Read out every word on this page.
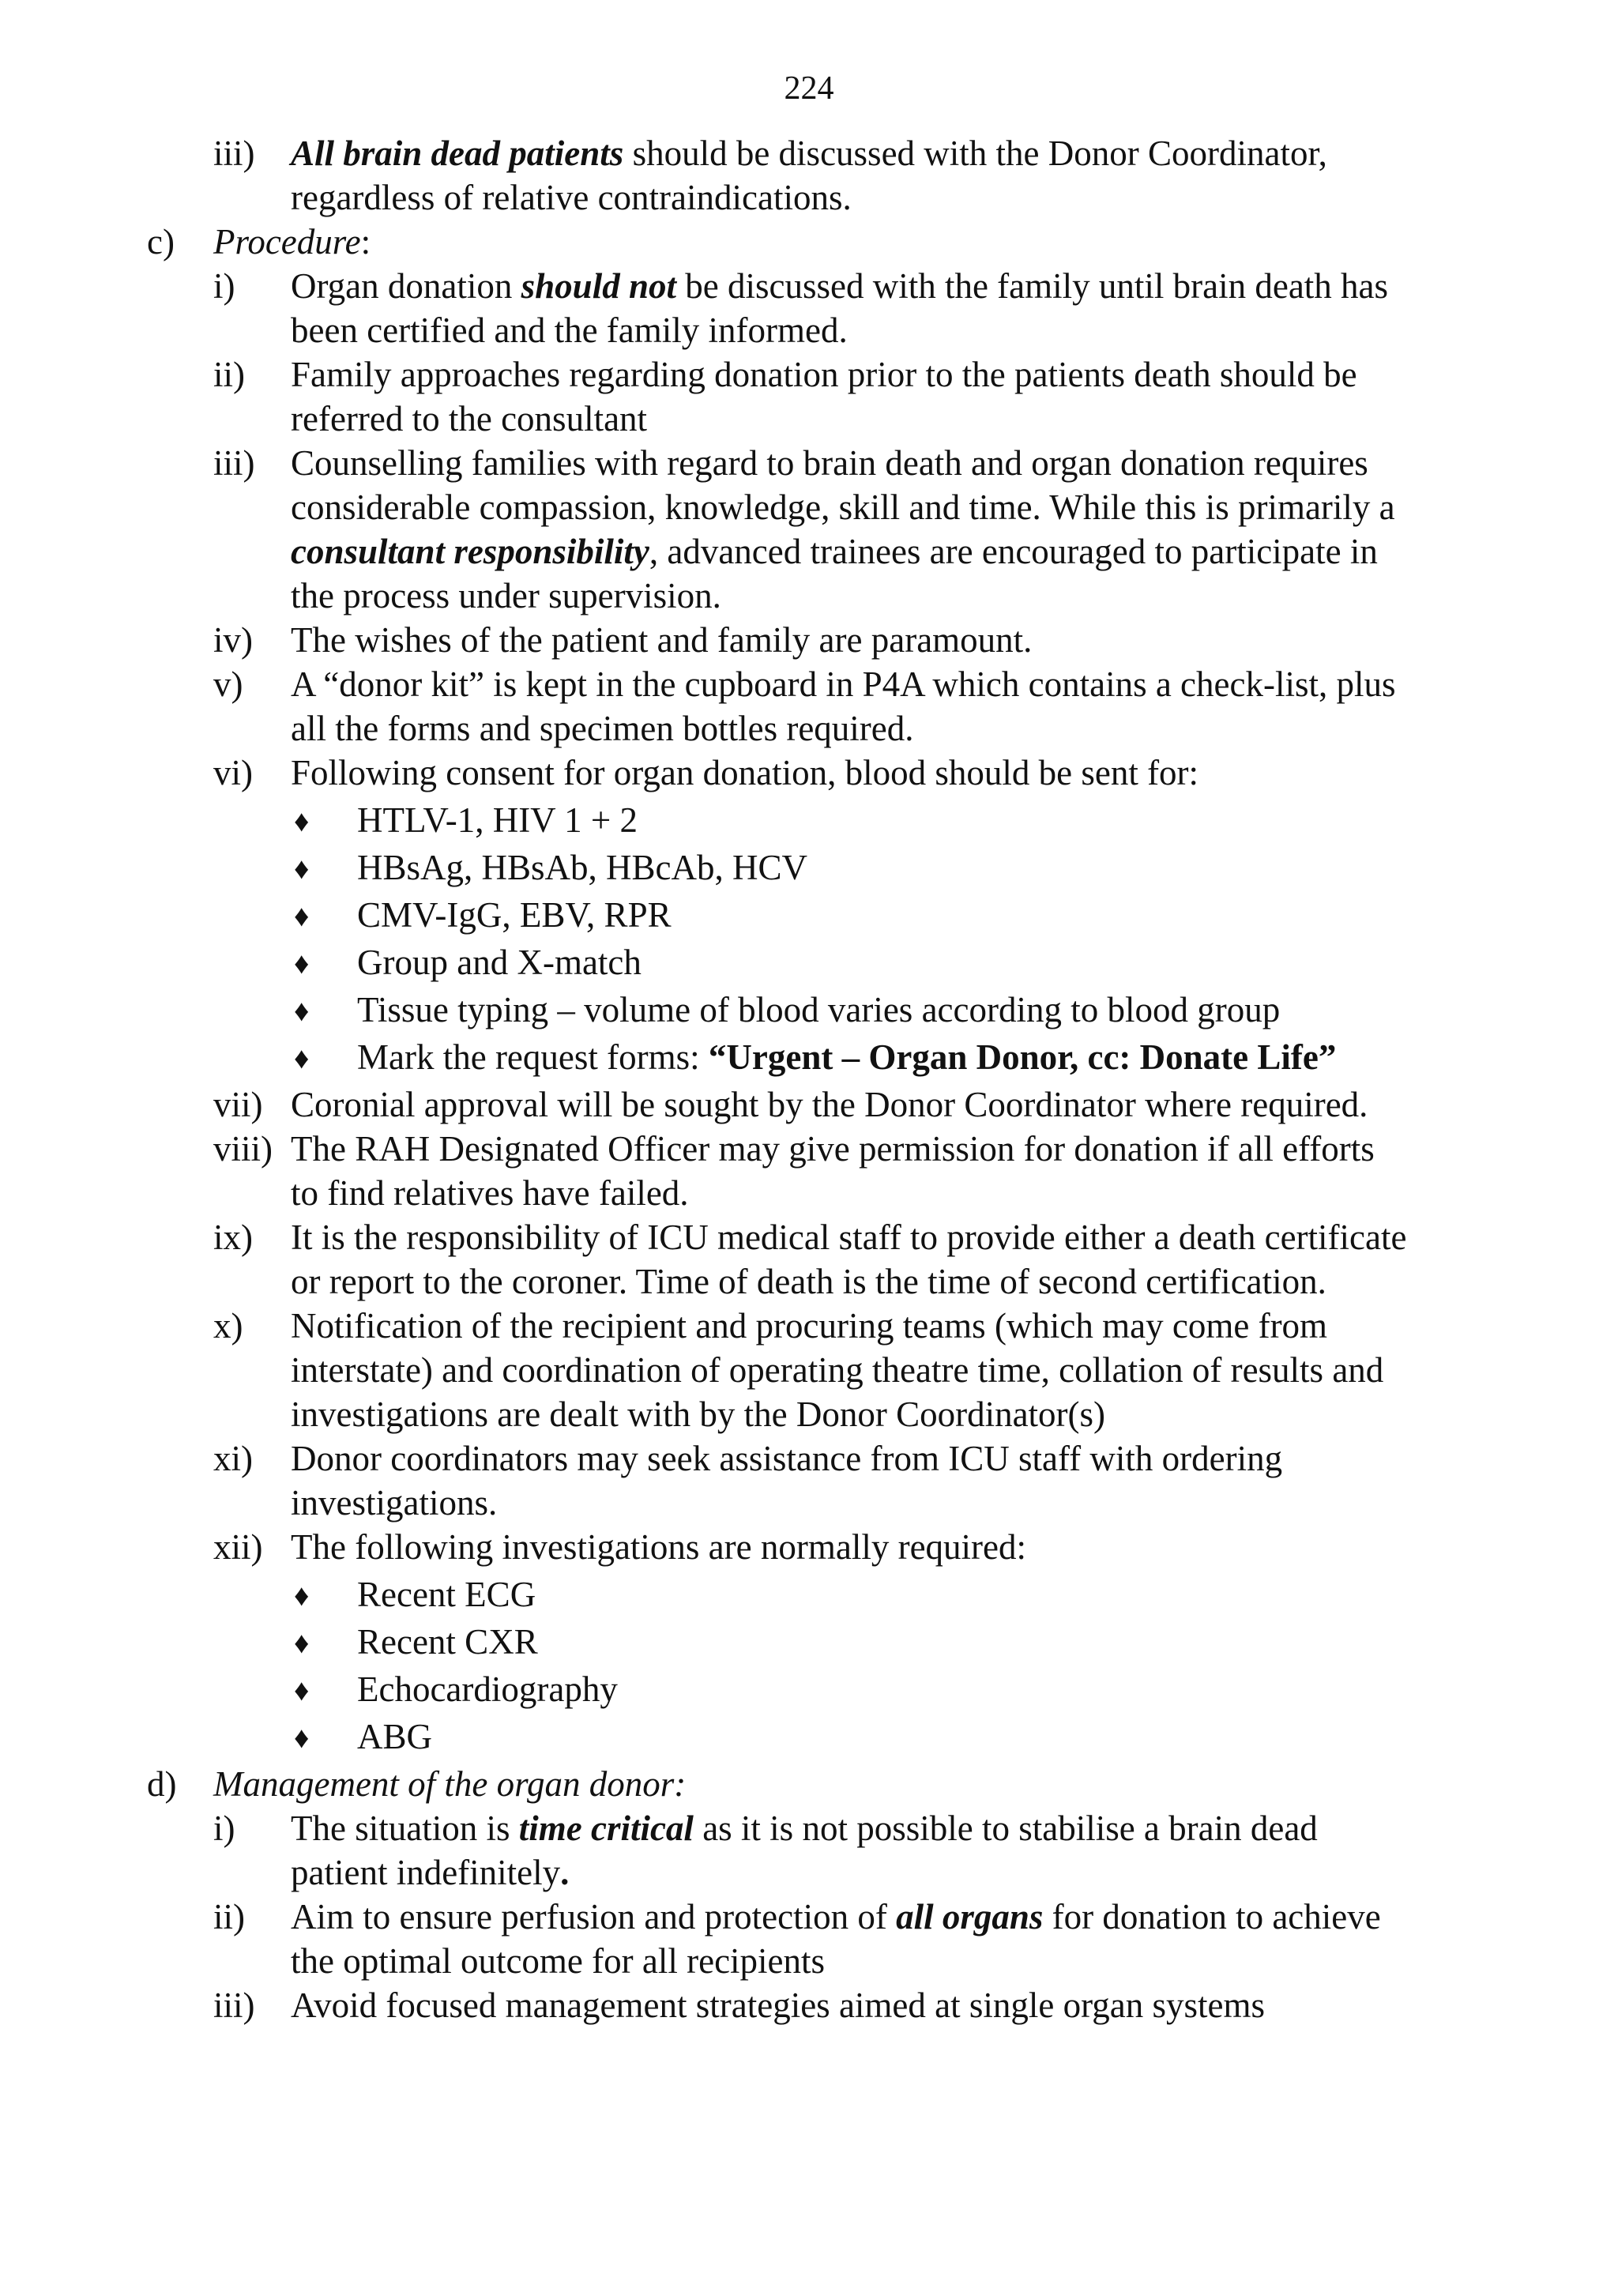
224
iii) All brain dead patients should be discussed with the Donor Coordinator,
regardless of relative contraindications.
c) Procedure:
i) Organ donation should not be discussed with the family until brain death has
been certified and the family informed.
ii) Family approaches regarding donation prior to the patients death should be
referred to the consultant
iii) Counselling families with regard to brain death and organ donation requires
considerable compassion, knowledge, skill and time. While this is primarily a
consultant responsibility, advanced trainees are encouraged to participate in
the process under supervision.
iv) The wishes of the patient and family are paramount.
v) A “donor kit” is kept in the cupboard in P4A which contains a check-list, plus
all the forms and specimen bottles required.
vi) Following consent for organ donation, blood should be sent for:
♦ HTLV-1, HIV 1 + 2
♦ HBsAg, HBsAb, HBcAb, HCV
♦ CMV-IgG, EBV, RPR
♦ Group and X-match
♦ Tissue typing – volume of blood varies according to blood group
♦ Mark the request forms: “Urgent – Organ Donor, cc: Donate Life”
vii) Coronial approval will be sought by the Donor Coordinator where required.
viii) The RAH Designated Officer may give permission for donation if all efforts
to find relatives have failed.
ix) It is the responsibility of ICU medical staff to provide either a death certificate
or report to the coroner. Time of death is the time of second certification.
x) Notification of the recipient and procuring teams (which may come from
interstate) and coordination of operating theatre time, collation of results and
investigations are dealt with by the Donor Coordinator(s)
xi) Donor coordinators may seek assistance from ICU staff with ordering
investigations.
xii) The following investigations are normally required:
♦ Recent ECG
♦ Recent CXR
♦ Echocardiography
♦ ABG
d) Management of the organ donor:
i) The situation is time critical as it is not possible to stabilise a brain dead
patient indefinitely.
ii) Aim to ensure perfusion and protection of all organs for donation to achieve
the optimal outcome for all recipients
iii) Avoid focused management strategies aimed at single organ systems
